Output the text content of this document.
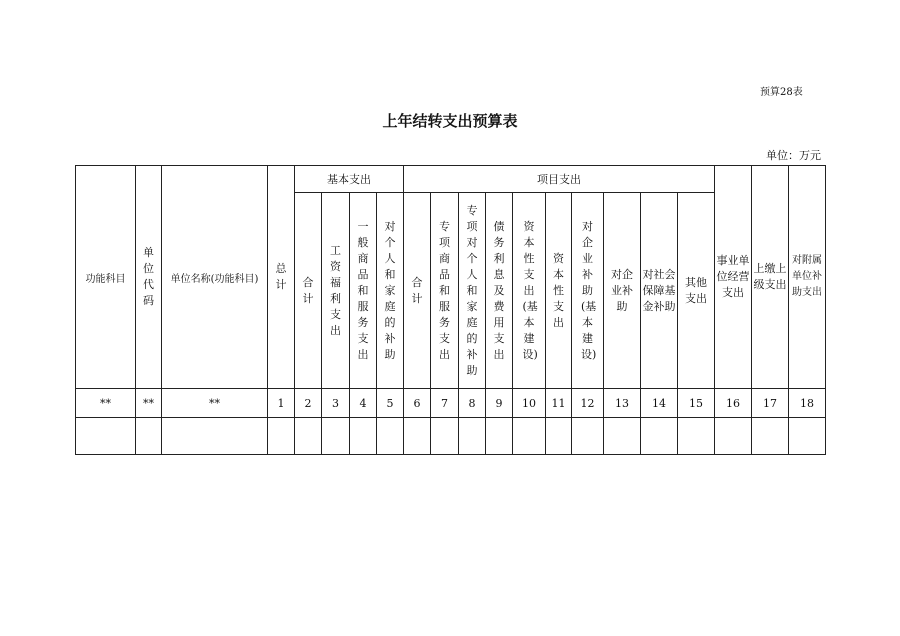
预算28表
上年结转支出预算表
单位：万元
功能科目	单位代码	单位名称(功能科目)	总计	基本支出				项目支出										事业单位经营支出	上缴上级支出	对附属单位补助支出
				合计	工资福利支出	一般商品和服务支出	对个人和家庭的补助	合计	专项商品和服务支出	专项对个人和家庭的补助	债务利息及费用支出	资本性支出(基本建设)	资本性支出	对企业补助(基本建设)	对企业补助	对社会保障基金补助	其他支出			
**	**	**	1	2	3	4	5	6	7	8	9	10	11	12	13	14	15	16	17	18
